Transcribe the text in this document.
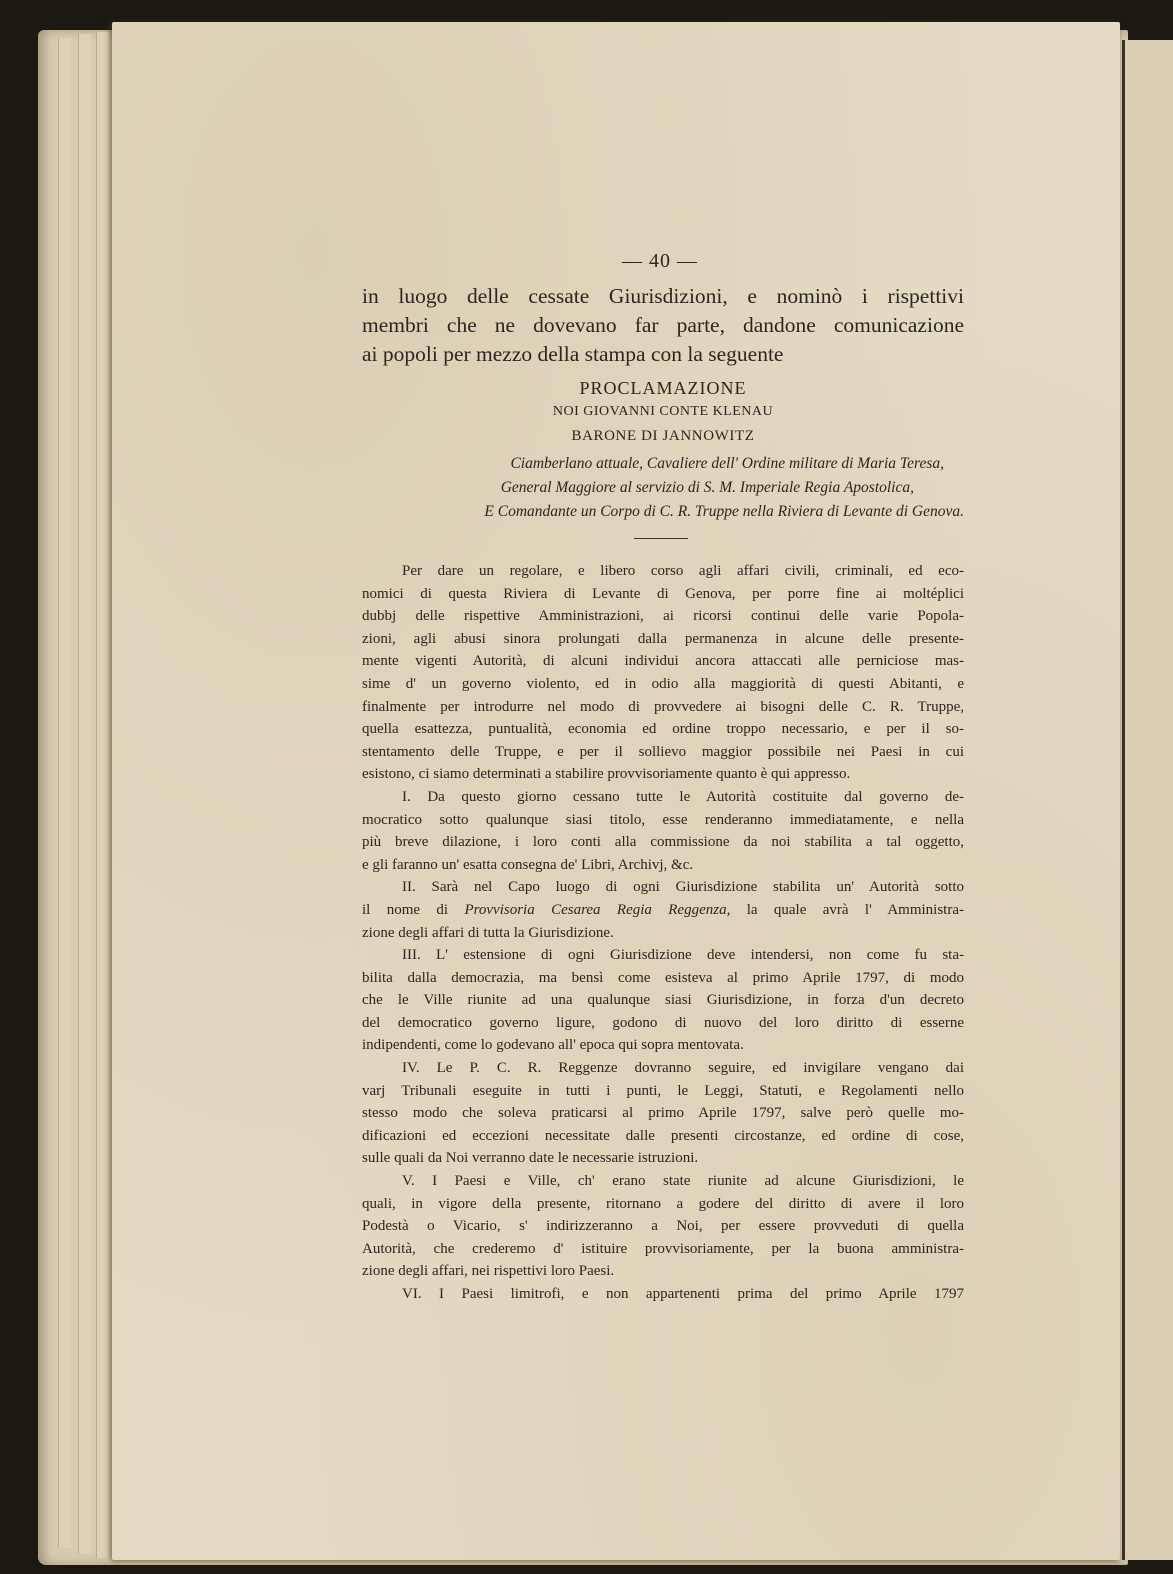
— 40 —
in luogo delle cessate Giurisdizioni, e nominò i rispettivi
membri che ne dovevano far parte, dandone comunicazione
ai popoli per mezzo della stampa con la seguente
PROCLAMAZIONE
NOI GIOVANNI CONTE KLENAU
BARONE DI JANNOWITZ
Ciamberlano attuale, Cavaliere dell' Ordine militare di Maria Teresa,
General Maggiore al servizio di S. M. Imperiale Regia Apostolica,
E Comandante un Corpo di C. R. Truppe nella Riviera di Levante di Genova.
Per dare un regolare, e libero corso agli affari civili, criminali, ed eco-
nomici di questa Riviera di Levante di Genova, per porre fine ai moltéplici
dubbj delle rispettive Amministrazioni, ai ricorsi continui delle varie Popola-
zioni, agli abusi sinora prolungati dalla permanenza in alcune delle presente-
mente vigenti Autorità, di alcuni individui ancora attaccati alle perniciose mas-
sime d' un governo violento, ed in odio alla maggiorità di questi Abitanti, e
finalmente per introdurre nel modo di provvedere ai bisogni delle C. R. Truppe,
quella esattezza, puntualità, economia ed ordine troppo necessario, e per il so-
stentamento delle Truppe, e per il sollievo maggior possibile nei Paesi in cui
esistono, ci siamo determinati a stabilire provvisoriamente quanto è qui appresso.
I. Da questo giorno cessano tutte le Autorità costituite dal governo de-
mocratico sotto qualunque siasi titolo, esse renderanno immediatamente, e nella
più breve dilazione, i loro conti alla commissione da noi stabilita a tal oggetto,
e gli faranno un' esatta consegna de' Libri, Archivj, &c.
II. Sarà nel Capo luogo di ogni Giurisdizione stabilita un' Autorità sotto
il nome di Provvisoria Cesarea Regia Reggenza, la quale avrà l' Amministra-
zione degli affari di tutta la Giurisdizione.
III. L' estensione di ogni Giurisdizione deve intendersi, non come fu sta-
bilita dalla democrazia, ma bensì come esisteva al primo Aprile 1797, di modo
che le Ville riunite ad una qualunque siasi Giurisdizione, in forza d'un decreto
del democratico governo ligure, godono di nuovo del loro diritto di esserne
indipendenti, come lo godevano all' epoca qui sopra mentovata.
IV. Le P. C. R. Reggenze dovranno seguire, ed invigilare vengano dai
varj Tribunali eseguite in tutti i punti, le Leggi, Statuti, e Regolamenti nello
stesso modo che soleva praticarsi al primo Aprile 1797, salve però quelle mo-
dificazioni ed eccezioni necessitate dalle presenti circostanze, ed ordine di cose,
sulle quali da Noi verranno date le necessarie istruzioni.
V. I Paesi e Ville, ch' erano state riunite ad alcune Giurisdizioni, le
quali, in vigore della presente, ritornano a godere del diritto di avere il loro
Podestà o Vicario, s' indirizzeranno a Noi, per essere provveduti di quella
Autorità, che crederemo d' istituire provvisoriamente, per la buona amministra-
zione degli affari, nei rispettivi loro Paesi.
VI. I Paesi limitrofi, e non appartenenti prima del primo Aprile 1797
